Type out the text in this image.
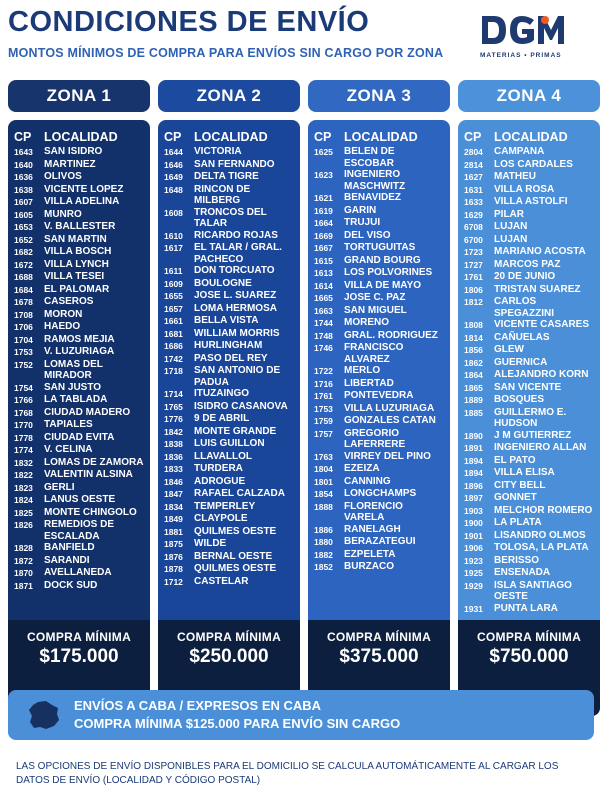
CONDICIONES DE ENVÍO
MONTOS MÍNIMOS DE COMPRA PARA ENVÍOS SIN CARGO POR ZONA	MATERIAS • PRIMAS
ZONA 1
CP	LOCALIDAD
1643	SAN ISIDRO
1640	MARTINEZ
1636	OLIVOS
1638	VICENTE LOPEZ
1607	VILLA ADELINA
1605	MUNRO
1653	V. BALLESTER
1652	SAN MARTIN
1682	VILLA BOSCH
1672	VILLA LYNCH
1688	VILLA TESEI
1684	EL PALOMAR
1678	CASEROS
1708	MORON
1706	HAEDO
1704	RAMOS MEJIA
1753	V. LUZURIAGA
1752	LOMAS DEL MIRADOR
1754	SAN JUSTO
1766	LA TABLADA
1768	CIUDAD MADERO
1770	TAPIALES
1778	CIUDAD EVITA
1774	V. CELINA
1832	LOMAS DE ZAMORA
1822	VALENTIN ALSINA
1823	GERLI
1824	LANUS OESTE
1825	MONTE CHINGOLO
1826	REMEDIOS DE ESCALADA
1828	BANFIELD
1872	SARANDI
1870	AVELLANEDA
1871	DOCK SUD
COMPRA MÍNIMA
$175.000
ZONA 2
CP	LOCALIDAD
1644	VICTORIA
1646	SAN FERNANDO
1649	DELTA TIGRE
1648	RINCON DE MILBERG
1608	TRONCOS DEL TALAR
1610	RICARDO ROJAS
1617	EL TALAR / GRAL. PACHECO
1611	DON TORCUATO
1609	BOULOGNE
1655	JOSE L. SUAREZ
1657	LOMA HERMOSA
1661	BELLA VISTA
1681	WILLIAM MORRIS
1686	HURLINGHAM
1742	PASO DEL REY
1718	SAN ANTONIO DE PADUA
1714	ITUZAINGO
1765	ISIDRO CASANOVA
1776	9 DE ABRIL
1842	MONTE GRANDE
1838	LUIS GUILLON
1836	LLAVALLOL
1833	TURDERA
1846	ADROGUE
1847	RAFAEL CALZADA
1834	TEMPERLEY
1849	CLAYPOLE
1881	QUILMES OESTE
1875	WILDE
1876	BERNAL OESTE
1878	QUILMES OESTE
1712	CASTELAR
COMPRA MÍNIMA
$250.000
ZONA 3
CP	LOCALIDAD
1625	BELEN DE ESCOBAR
1623	INGENIERO MASCHWITZ
1621	BENAVIDEZ
1619	GARIN
1664	TRUJUI
1669	DEL VISO
1667	TORTUGUITAS
1615	GRAND BOURG
1613	LOS POLVORINES
1614	VILLA DE MAYO
1665	JOSE C. PAZ
1663	SAN MIGUEL
1744	MORENO
1748	GRAL. RODRIGUEZ
1746	FRANCISCO ALVAREZ
1722	MERLO
1716	LIBERTAD
1761	PONTEVEDRA
1753	VILLA LUZURIAGA
1759	GONZALES CATAN
1757	GREGORIO LAFERRERE
1763	VIRREY DEL PINO
1804	EZEIZA
1801	CANNING
1854	LONGCHAMPS
1888	FLORENCIO VARELA
1886	RANELAGH
1880	BERAZATEGUI
1882	EZPELETA
1852	BURZACO
COMPRA MÍNIMA
$375.000
ZONA 4
CP	LOCALIDAD
2804	CAMPANA
2814	LOS CARDALES
1627	MATHEU
1631	VILLA ROSA
1633	VILLA ASTOLFI
1629	PILAR
6708	LUJAN
6700	LUJAN
1723	MARIANO ACOSTA
1727	MARCOS PAZ
1761	20 DE JUNIO
1806	TRISTAN SUAREZ
1812	CARLOS SPEGAZZINI
1808	VICENTE CASARES
1814	CAÑUELAS
1856	GLEW
1862	GUERNICA
1864	ALEJANDRO KORN
1865	SAN VICENTE
1889	BOSQUES
1885	GUILLERMO E. HUDSON
1890	J M GUTIERREZ
1891	INGENIERO ALLAN
1894	EL PATO
1894	VILLA ELISA
1896	CITY BELL
1897	GONNET
1903	MELCHOR ROMERO
1900	LA PLATA
1901	LISANDRO OLMOS
1906	TOLOSA, LA PLATA
1923	BERISSO
1925	ENSENADA
1929	ISLA SANTIAGO OESTE
1931	PUNTA LARA
COMPRA MÍNIMA
$750.000
ENVÍOS A CABA / EXPRESOS EN CABA
COMPRA MÍNIMA $125.000 PARA ENVÍO SIN CARGO
LAS OPCIONES DE ENVÍO DISPONIBLES PARA EL DOMICILIO SE CALCULA AUTOMÁTICAMENTE AL CARGAR LOS DATOS DE ENVÍO (LOCALIDAD Y CÓDIGO POSTAL)
